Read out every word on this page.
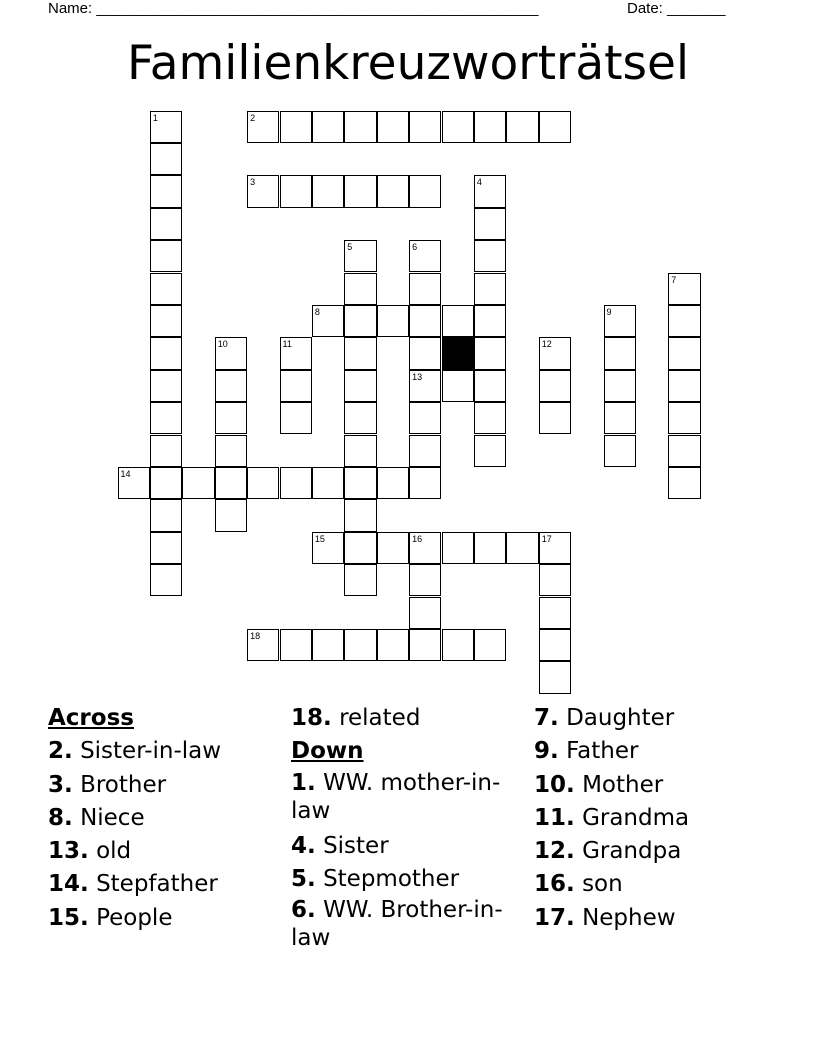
Name: _____________________________________________________	Date: _______
Familienkreuzworträtsel
1	2
3	4
5	6
7
8	9
10	11	12
13
14
15	16	17
18
Across
2. Sister-in-law
3. Brother
8. Niece
13. old
14. Stepfather
15. People
18. related
Down
1. WW. mother-in-law
4. Sister
5. Stepmother
6. WW. Brother-in-law
7. Daughter
9. Father
10. Mother
11. Grandma
12. Grandpa
16. son
17. Nephew
